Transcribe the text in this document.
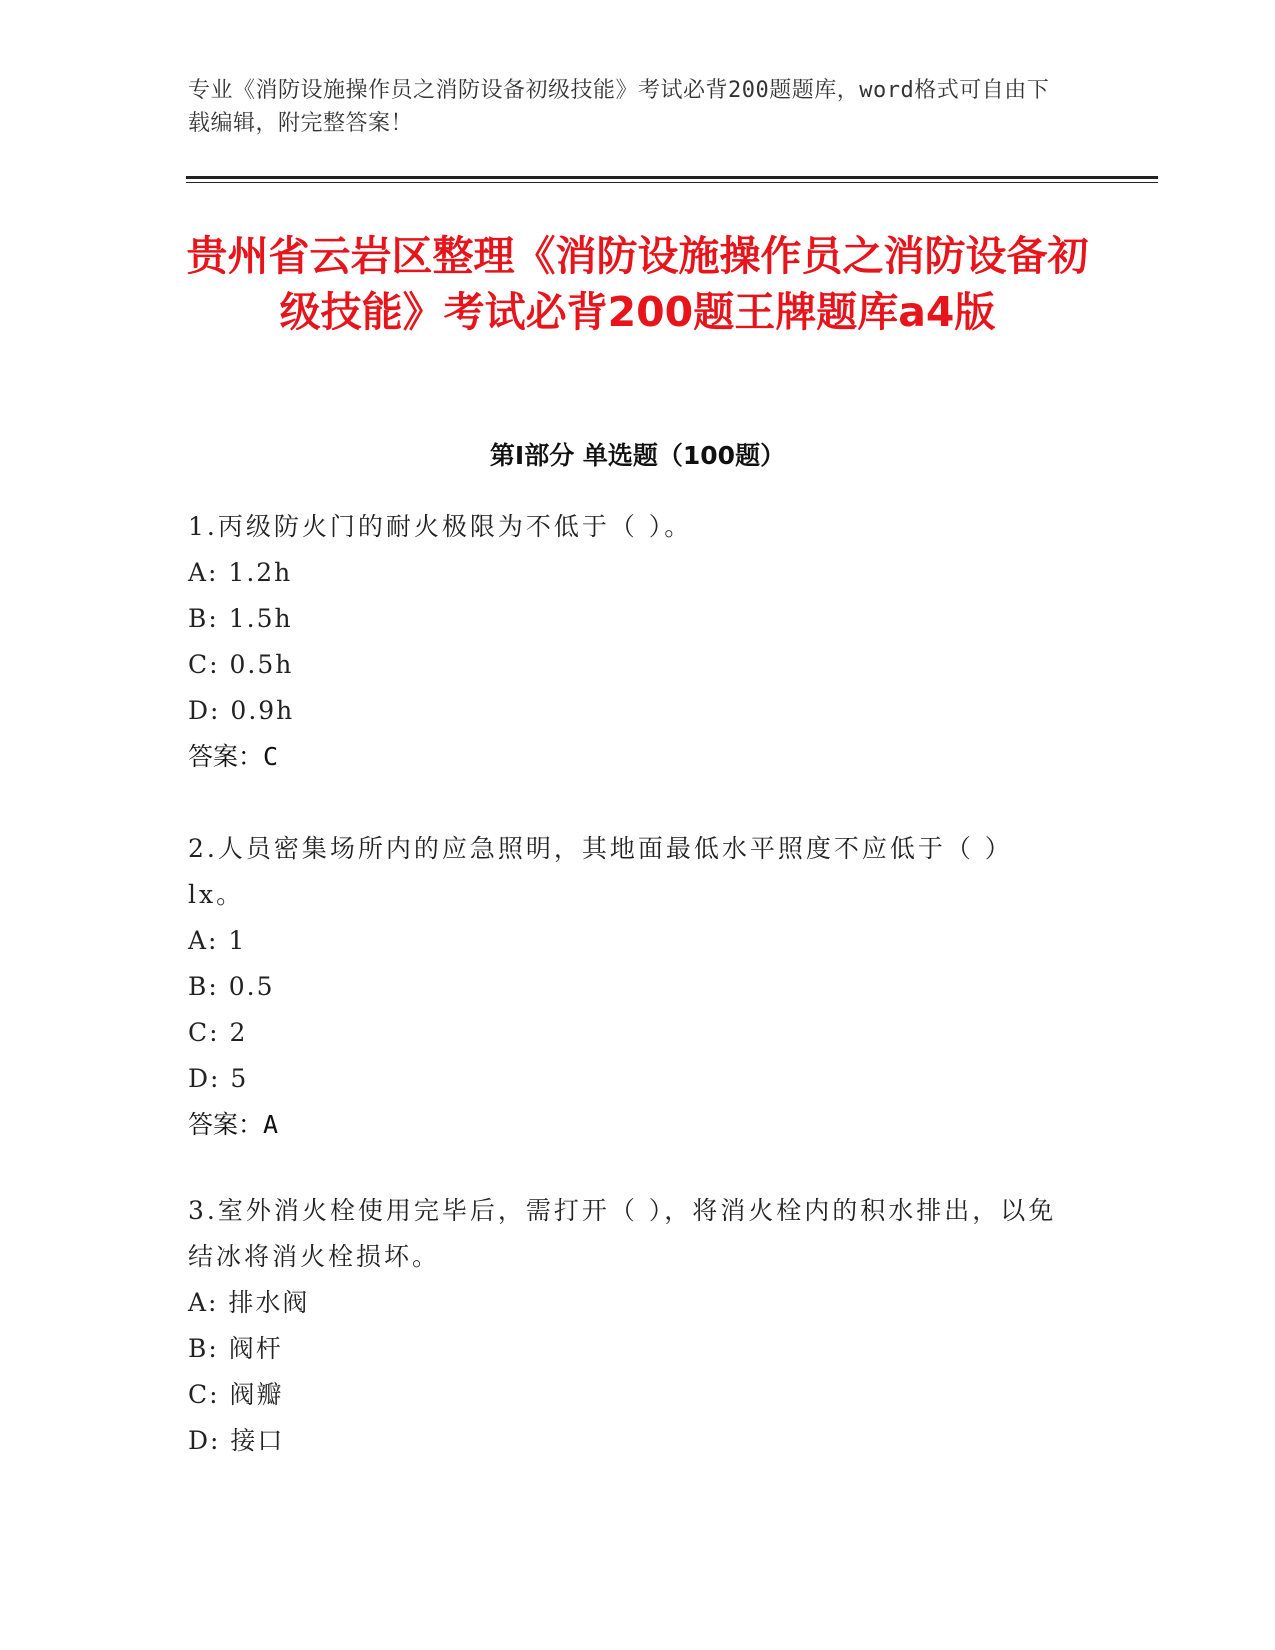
专业《消防设施操作员之消防设备初级技能》考试必背200题题库，word格式可自由下载编辑，附完整答案！
贵州省云岩区整理《消防设施操作员之消防设备初级技能》考试必背200题王牌题库a4版
第I部分 单选题（100题）
1.丙级防火门的耐火极限为不低于（ ）。
A: 1.2h
B: 1.5h
C: 0.5h
D: 0.9h
答案：C
2.人员密集场所内的应急照明，其地面最低水平照度不应低于（ ）lx。
A: 1
B: 0.5
C: 2
D: 5
答案：A
3.室外消火栓使用完毕后，需打开（ ），将消火栓内的积水排出，以免结冰将消火栓损坏。
A: 排水阀
B: 阀杆
C: 阀瓣
D: 接口
